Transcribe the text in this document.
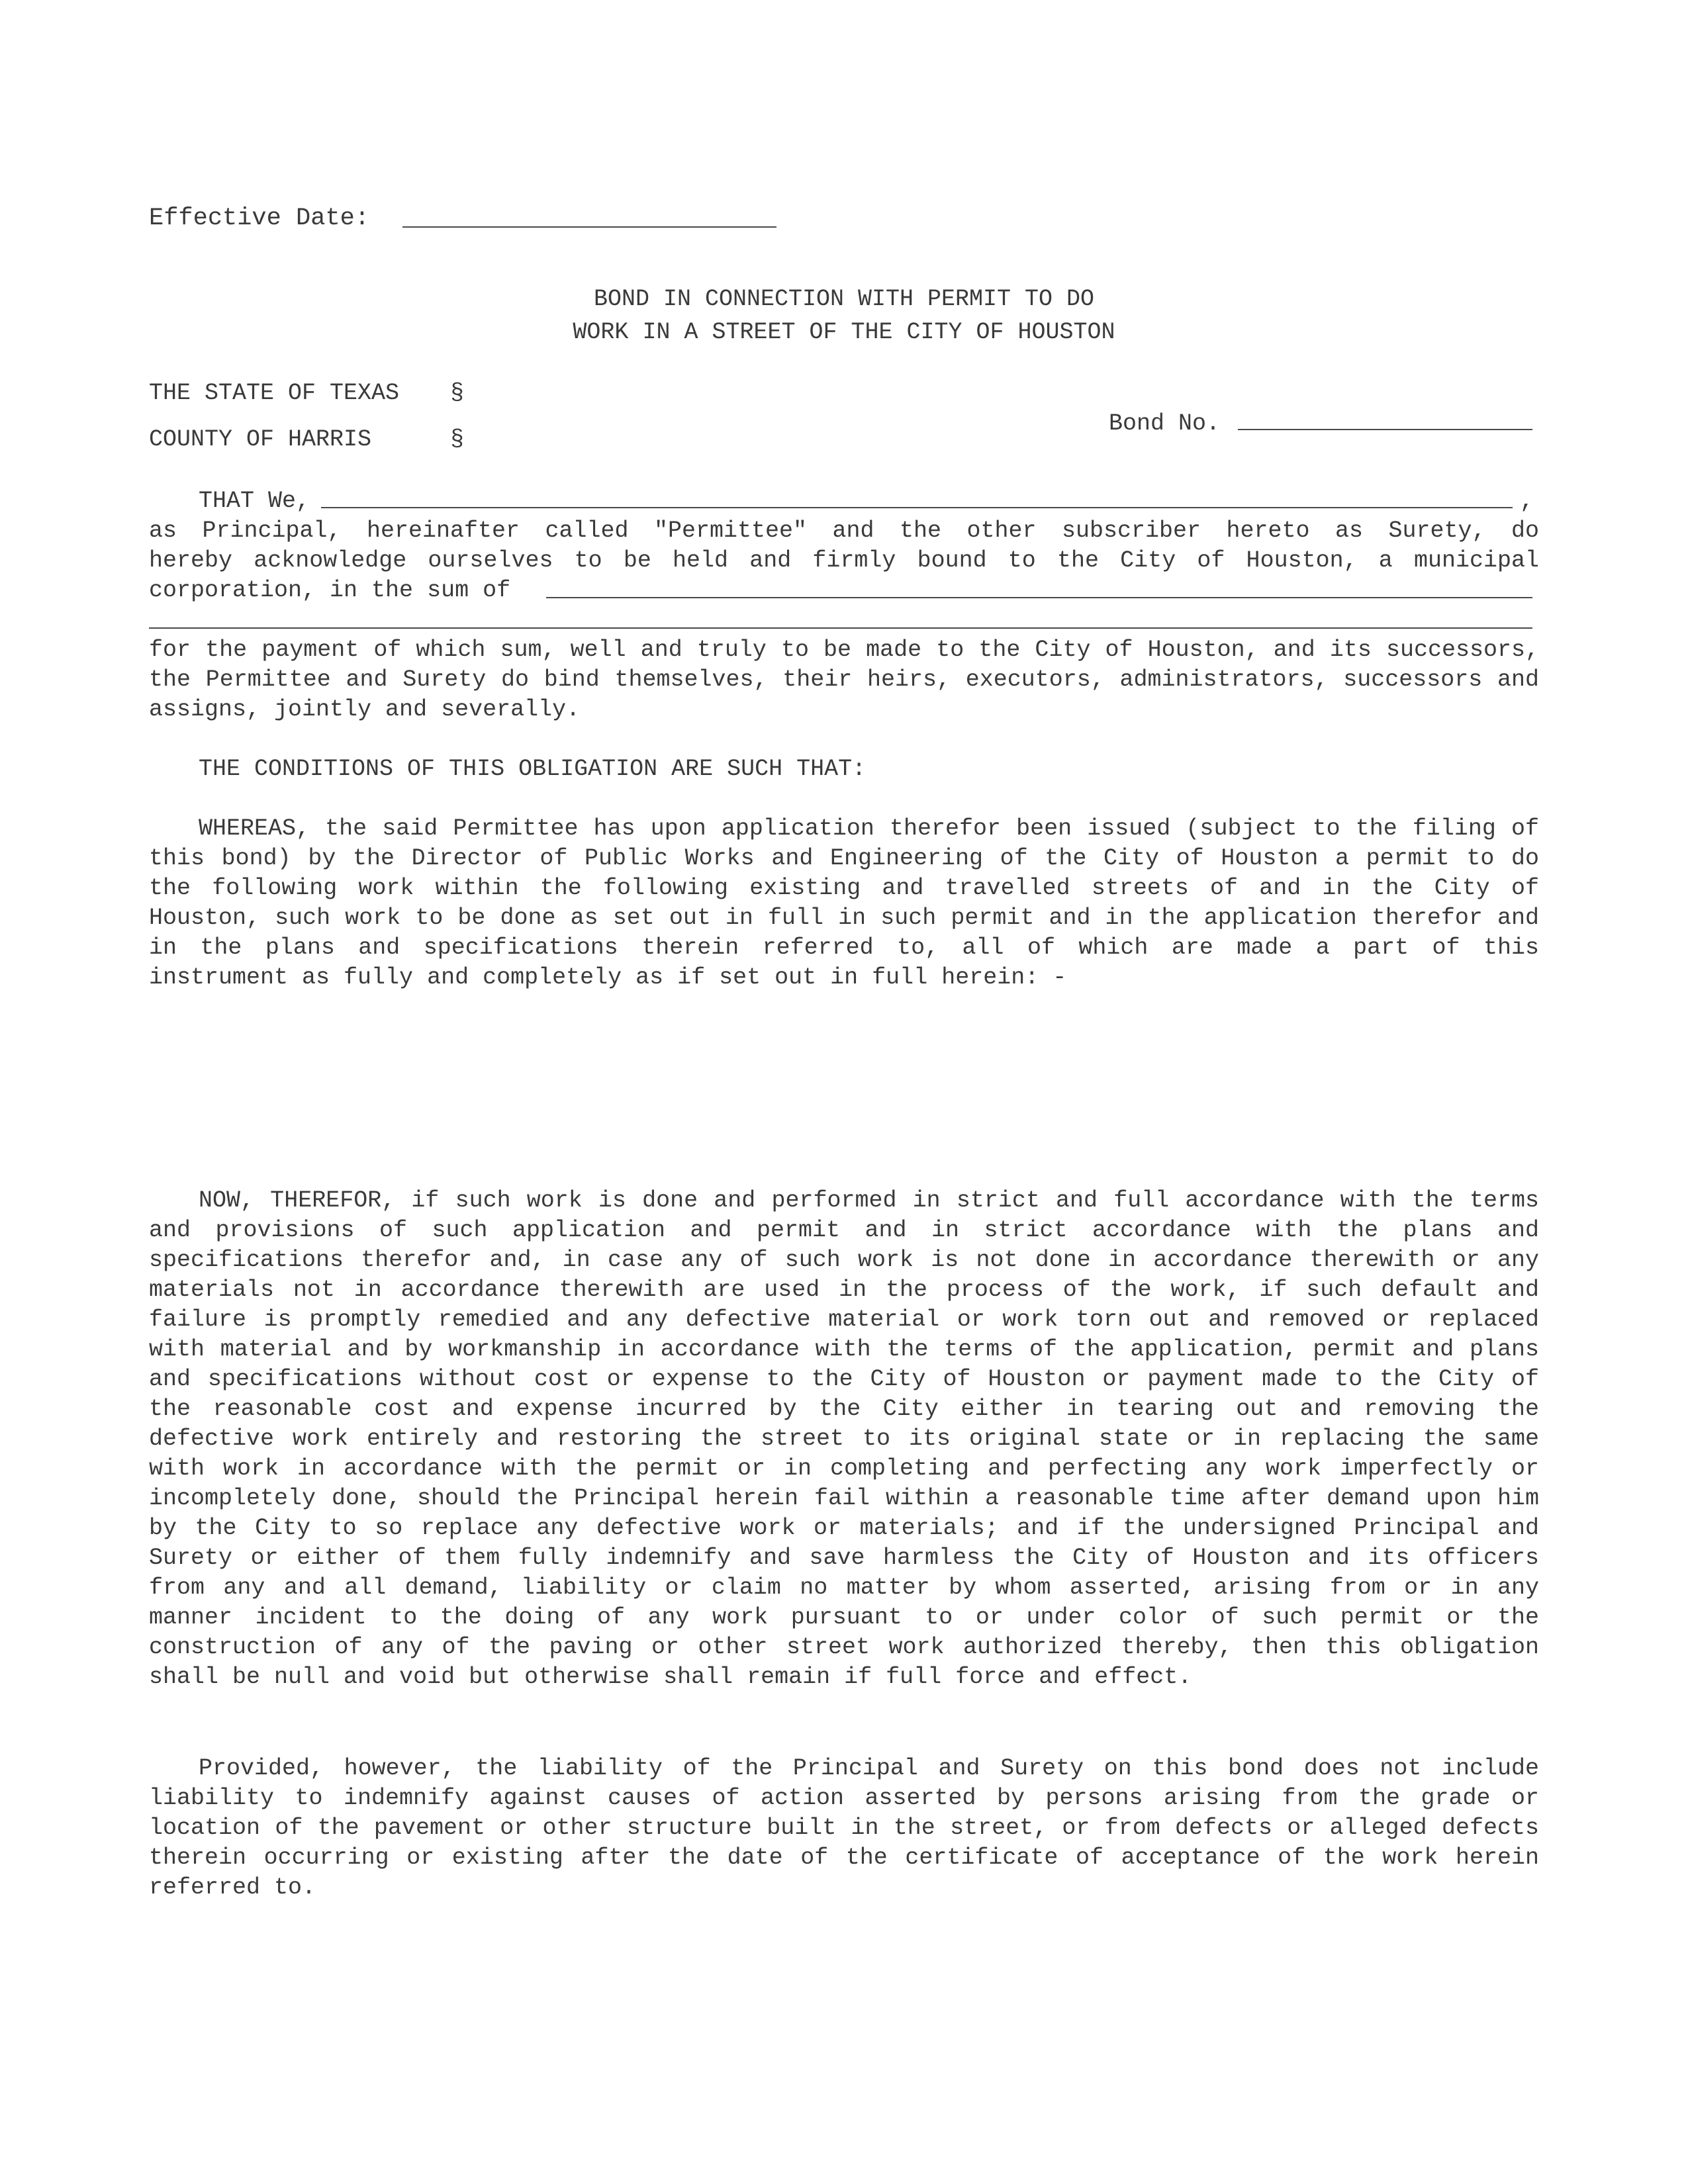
Effective Date:
BOND IN CONNECTION WITH PERMIT TO DO
WORK IN A STREET OF THE CITY OF HOUSTON
THE STATE OF TEXAS §
COUNTY OF HARRIS	§
Bond No.
THAT We,	,
as Principal, hereinafter called "Permittee" and the other subscriber hereto as Surety, do
hereby acknowledge ourselves to be held and firmly bound to the City of Houston, a municipal
corporation, in the sum of
for the payment of which sum, well and truly to be made to the City of Houston, and its successors, the Permittee and Surety do bind themselves, their heirs, executors, administrators, successors and assigns, jointly and severally.
THE CONDITIONS OF THIS OBLIGATION ARE SUCH THAT:
WHEREAS, the said Permittee has upon application therefor been issued (subject to the filing of this bond) by the Director of Public Works and Engineering of the City of Houston a permit to do the following work within the following existing and travelled streets of and in the City of Houston, such work to be done as set out in full in such permit and in the application therefor and in the plans and specifications therein referred to, all of which are made a part of this instrument as fully and completely as if set out in full herein: -
NOW, THEREFOR, if such work is done and performed in strict and full accordance with the terms and provisions of such application and permit and in strict accordance with the plans and specifications therefor and, in case any of such work is not done in accordance therewith or any materials not in accordance therewith are used in the process of the work, if such default and failure is promptly remedied and any defective material or work torn out and removed or replaced with material and by workmanship in accordance with the terms of the application, permit and plans and specifications without cost or expense to the City of Houston or payment made to the City of the reasonable cost and expense incurred by the City either in tearing out and removing the defective work entirely and restoring the street to its original state or in replacing the same with work in accordance with the permit or in completing and perfecting any work imperfectly or incompletely done, should the Principal herein fail within a reasonable time after demand upon him by the City to so replace any defective work or materials; and if the undersigned Principal and Surety or either of them fully indemnify and save harmless the City of Houston and its officers from any and all demand, liability or claim no matter by whom asserted, arising from or in any manner incident to the doing of any work pursuant to or under color of such permit or the construction of any of the paving or other street work authorized thereby, then this obligation shall be null and void but otherwise shall remain if full force and effect.
Provided, however, the liability of the Principal and Surety on this bond does not include liability to indemnify against causes of action asserted by persons arising from the grade or location of the pavement or other structure built in the street, or from defects or alleged defects therein occurring or existing after the date of the certificate of acceptance of the work herein referred to.
